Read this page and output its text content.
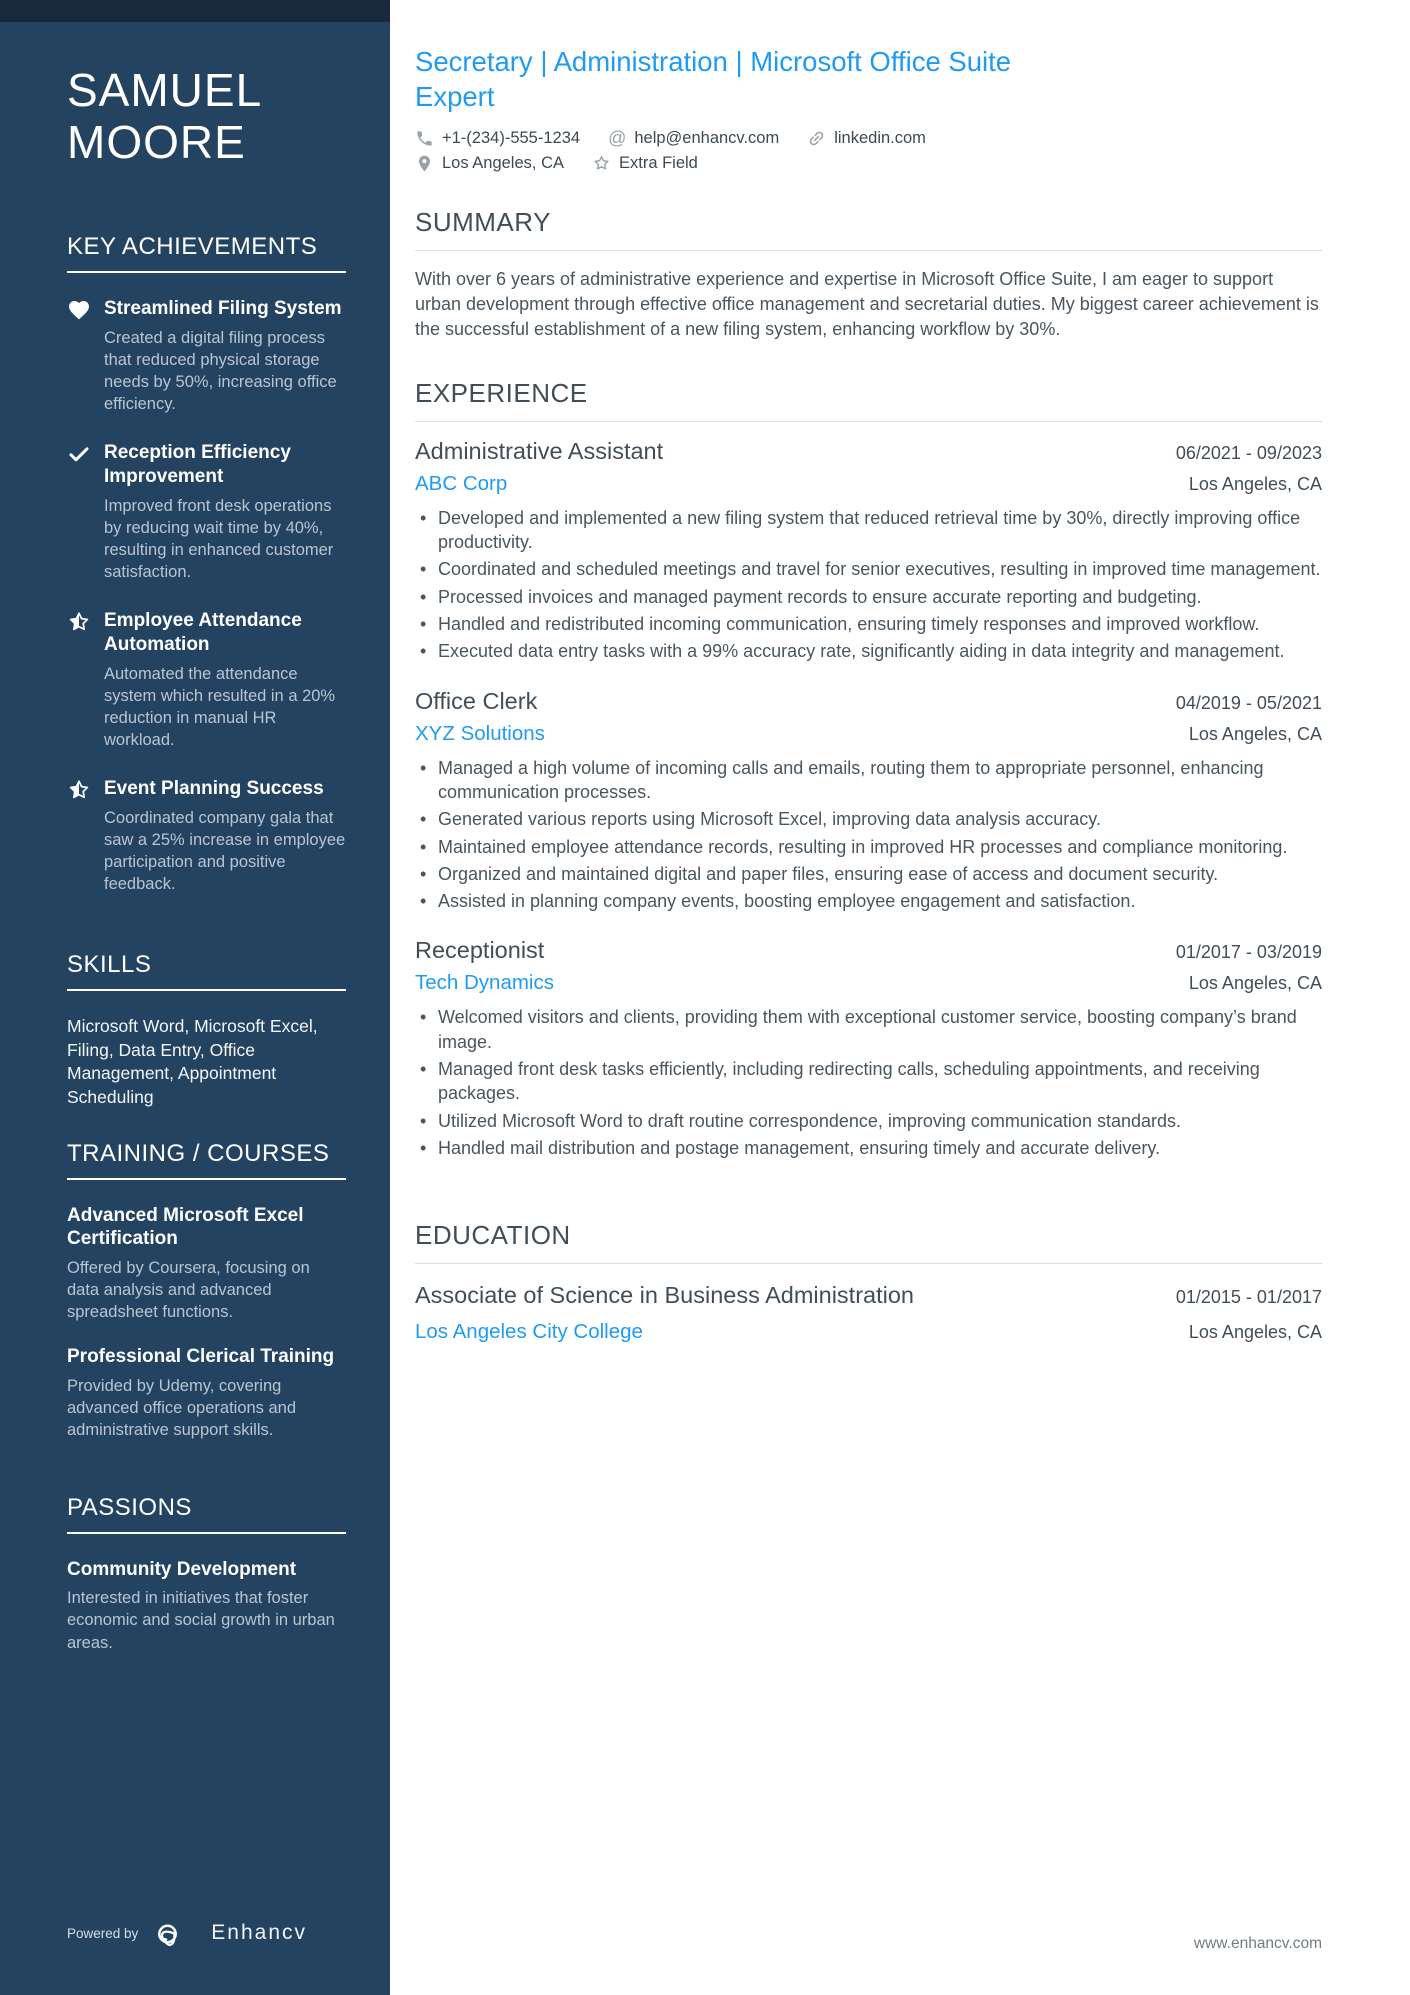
SAMUEL MOORE
KEY ACHIEVEMENTS
Streamlined Filing System
Created a digital filing process that reduced physical storage needs by 50%, increasing office efficiency.
Reception Efficiency Improvement
Improved front desk operations by reducing wait time by 40%, resulting in enhanced customer satisfaction.
Employee Attendance Automation
Automated the attendance system which resulted in a 20% reduction in manual HR workload.
Event Planning Success
Coordinated company gala that saw a 25% increase in employee participation and positive feedback.
SKILLS
Microsoft Word, Microsoft Excel, Filing, Data Entry, Office Management, Appointment Scheduling
TRAINING / COURSES
Advanced Microsoft Excel Certification
Offered by Coursera, focusing on data analysis and advanced spreadsheet functions.
Professional Clerical Training
Provided by Udemy, covering advanced office operations and administrative support skills.
PASSIONS
Community Development
Interested in initiatives that foster economic and social growth in urban areas.
Powered by	Enhancv
Secretary | Administration | Microsoft Office Suite Expert
+1-(234)-555-1234 @ help@enhancv.com	linkedin.com
Los Angeles, CA	Extra Field
SUMMARY

With over 6 years of administrative experience and expertise in Microsoft Office Suite, I am eager to support urban development through effective office management and secretarial duties. My biggest career achievement is the successful establishment of a new filing system, enhancing workflow by 30%.

EXPERIENCE
Administrative Assistant	06/2021 - 09/2023
ABC Corp	Los Angeles, CA
• Developed and implemented a new filing system that reduced retrieval time by 30%, directly improving office productivity.
• Coordinated and scheduled meetings and travel for senior executives, resulting in improved time management.
• Processed invoices and managed payment records to ensure accurate reporting and budgeting.
• Handled and redistributed incoming communication, ensuring timely responses and improved workflow.
• Executed data entry tasks with a 99% accuracy rate, significantly aiding in data integrity and management.
Office Clerk	04/2019 - 05/2021
XYZ Solutions	Los Angeles, CA
• Managed a high volume of incoming calls and emails, routing them to appropriate personnel, enhancing communication processes.
• Generated various reports using Microsoft Excel, improving data analysis accuracy.
• Maintained employee attendance records, resulting in improved HR processes and compliance monitoring.
• Organized and maintained digital and paper files, ensuring ease of access and document security.
• Assisted in planning company events, boosting employee engagement and satisfaction.
Receptionist	01/2017 - 03/2019
Tech Dynamics	Los Angeles, CA
• Welcomed visitors and clients, providing them with exceptional customer service, boosting company’s brand image.
• Managed front desk tasks efficiently, including redirecting calls, scheduling appointments, and receiving packages.
• Utilized Microsoft Word to draft routine correspondence, improving communication standards.
• Handled mail distribution and postage management, ensuring timely and accurate delivery.
EDUCATION
Associate of Science in Business Administration	01/2015 - 01/2017
Los Angeles City College	Los Angeles, CA
www.enhancv.com
